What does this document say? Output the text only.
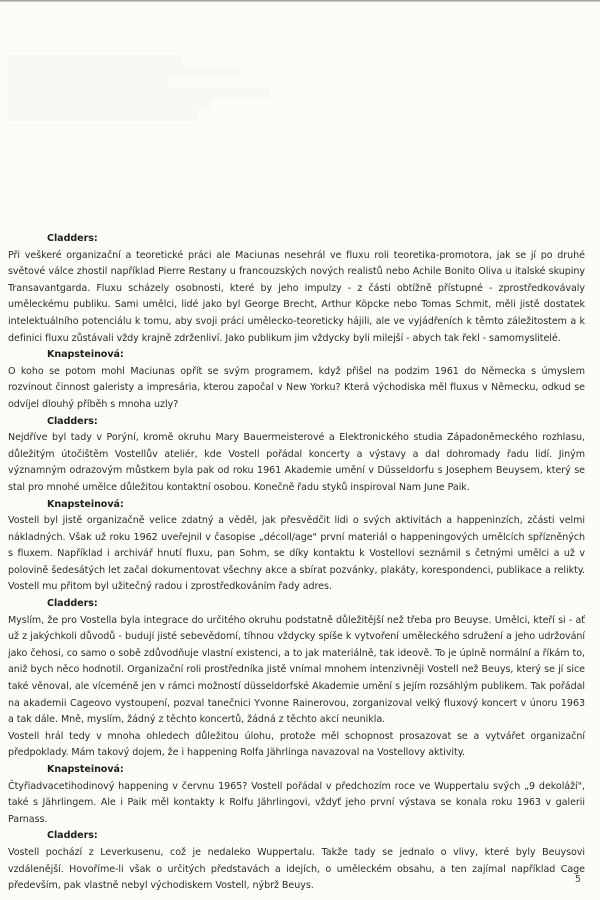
Cladders:

Při veškeré organizační a teoretické práci ale Maciunas nesehrál ve fluxu roli teoretika-promotora, jak se jí po druhé světové válce zhostil například Pierre Restany u francouzských nových realistů nebo Achile Bonito Oliva u italské skupiny Transavantgarda. Fluxu scházely osobnosti, které by jeho impulzy - z části obtížně přístupné - zprostředkovávaly uměleckému publiku. Sami umělci, lidé jako byl George Brecht, Arthur Köpcke nebo Tomas Schmit, měli jistě dostatek intelektuálního potenciálu k tomu, aby svoji práci umělecko-teoreticky hájili, ale ve vyjádřeních k těmto záležitostem a k definici fluxu zůstávali vždy krajně zdrženliví. Jako publikum jim vždycky byli milejší - abych tak řekl - samomyslitelé.

Knapsteinová:

O koho se potom mohl Maciunas opřít se svým programem, když přišel na podzim 1961 do Německa s úmyslem rozvinout činnost galeristy a impresária, kterou započal v New Yorku? Která východiska měl fluxus v Německu, odkud se odvíjel dlouhý příběh s mnoha uzly?

Cladders:

Nejdříve byl tady v Porýní, kromě okruhu Mary Bauermeisterové a Elektronického studia Západoněmeckého rozhlasu, důležitým útočištěm Vostellův ateliér, kde Vostell pořádal koncerty a výstavy a dal dohromady řadu lidí. Jiným významným odrazovým můstkem byla pak od roku 1961 Akademie umění v Düsseldorfu s Josephem Beuysem, který se stal pro mnohé umělce důležitou kontaktní osobou. Konečně řadu styků inspiroval Nam June Paik.

Knapsteinová:

Vostell byl jistě organizačně velice zdatný a věděl, jak přesvědčit lidi o svých aktivitách a happeninzích, zčásti velmi nákladných. Však už roku 1962 uveřejnil v časopise „décoll/age" první materiál o happeningových umělcích spřízněných s fluxem. Například i archivář hnutí fluxu, pan Sohm, se díky kontaktu k Vostellovi seznámil s četnými umělci a už v polovině šedesátých let začal dokumentovat všechny akce a sbírat pozvánky, plakáty, korespondenci, publikace a relikty. Vostell mu přitom byl užitečný radou i zprostředkováním řady adres.

Cladders:

Myslím, že pro Vostella byla integrace do určitého okruhu podstatně důležitější než třeba pro Beuyse. Umělci, kteří si - ať už z jakýchkoli důvodů - budují jisté sebevědomí, tíhnou vždycky spíše k vytvoření uměleckého sdružení a jeho udržování jako čehosi, co samo o sobě zdůvodňuje vlastní existenci, a to jak materiálně, tak ideově. To je úplně normální a říkám to, aniž bych něco hodnotil. Organizační roli prostředníka jistě vnímal mnohem intenzivněji Vostell než Beuys, který se jí sice také věnoval, ale víceméně jen v rámci možností düsseldorfské Akademie umění s jejím rozsáhlým publikem. Tak pořádal na akademii Cageovo vystoupení, pozval tanečnici Yvonne Rainerovou, zorganizoval velký fluxový koncert v únoru 1963 a tak dále. Mně, myslím, žádný z těchto koncertů, žádná z těchto akcí neunikla.

Vostell hrál tedy v mnoha ohledech důležitou úlohu, protože měl schopnost prosazovat se a vytvářet organizační předpoklady. Mám takový dojem, že i happening Rolfa Jährlinga navazoval na Vostellovy aktivity.

Knapsteinová:

Čtyřiadvacetihodinový happening v červnu 1965? Vostell pořádal v předchozím roce ve Wuppertalu svých „9 dekoláží", také s Jährlingem. Ale i Paik měl kontakty k Rolfu Jährlingovi, vždyť jeho první výstava se konala roku 1963 v galerii Parnass.

Cladders:

Vostell pochází z Leverkusenu, což je nedaleko Wuppertalu. Takže tady se jednalo o vlivy, které byly Beuysovi vzdálenější. Hovoříme-li však o určitých představách a idejích, o uměleckém obsahu, a ten zajímal například Cage především, pak vlastně nebyl východiskem Vostell, nýbrž Beuys.

5
